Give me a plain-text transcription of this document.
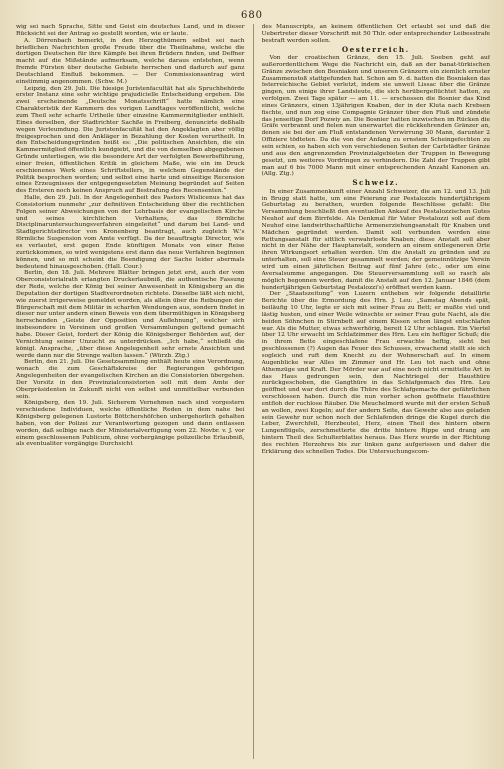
680
wig sei nach Sprache, Sitte und Geist ein deutsches Land, und in dieser Rücksicht sei der Antrag so gestellt worden, wie er laute.
A. Dörrenbach bemerkt, in den Herzogthümern selbst sei nach brieflichen Nachrichten große Freude über die Theilnahme, welche die dortigen Deutschen für ihre Kämpfe bei ihren Brüdern finden, und Deffner macht auf die Mißstände aufmerksam, welche daraus entstehen, wenn fremde Fürsten über deutsche Gebiete herrschen und dadurch auf ganz Deutschland Einfluß bekommen. — Der Commissionsantrag wird einstimmig angenommen. (Schw. M.)
Leipzig, den 29. Juli. Die hiesige Juristenfacultät hat als Spruchbehörde erster Instanz eine sehr wichtige prajudicielle Entscheidung ergehen. Die zwei erscheinende „Deutsche Monatsschrift“ hatte nämlich eine Charakteristik der Kammern des vorigen Landtages veröffentlicht, welche zum Theil sehr scharfe Urtheile über einzelne Kammermitglieder enthielt. Eines derselben, der Stadtrichter Sachße in Freiberg, denuncirte deßhalb wegen Verleumdung. Die Juristenfacultät hat den Angeklagten aber völlig freigesprochen und den Ankläger in Bezahlung der Kosten verurtheilt. In den Entscheidungsgründen heißt es: „Die politischen Ansichten, die ein Kammermitglied öffentlich kundgiebt, und die von demselben abgegebenen Gründe unterliegen, wie die besondere Art der verfolgten Bewerbsführung, einer freien, öffentlichen Kritik in gleichem Maße, wie ein im Druck erschienenes Werk eines Schriftstellers, in welchem Gegenstände der Politik besprochen worden; und selbst eine harte und einseitige Recension eines Erzeugnisses der entgegengesetzten Meinung begründet auf Seiten des Ersteren noch keinen Anspruch auf Bestrafung des Recensenten.“
Halle, den 29. Juli. In der Angelegenheit des Pastors Wislicenus hat das Consistorium nunmehr „zur definitiven Entscheidung über die rechtlichen Folgen seiner Abweichungen von der Lehrbasis der evangelischen Kirche und seines kirchlichen Verhaltens, das förmliche Disciplinaruntersuchungsverfahren eingeleitet“ und darum bei Land- und Stadtgerichtsdirector von Kronenberg beantragt, auch zugleich W.'s förmliche Suspension vom Amte verfügt. Da der beauftragte Director, wie es verlautet, erst gegen Ende künftigen Monats von einer Reise zurückkommen, so wird wenigstens erst dann das neue Verfahren beginnen können, und so mit scheint die Beendigung der Sache leider abermals bedeutend hinausgeschoben. (Hall. Cour.)
Berlin, den 18. Juli. Mehrere Blätter bringen jetzt erst, auch der vom Oberconsistorialrath erlangten Druckerlaubniß, die authentische Fassung der Rede, welche der König bei seiner Anwesenheit in Königsberg an die Deputation der dortigen Stadtverordneten richtete. Dieselbe läßt sich nicht, wie zuerst irrigerweise gemeldet worden, als allein über die Reibungen der Bürgerschaft mit dem Militär in scharfen Wendungen aus, sondern findet in dieser nur unter andern einen Beweis von dem übermüthigen in Königsberg herrschenden „Geiste der Opposition und Auflehnung“, welcher sich insbesondere in Vereinen und großen Versammlungen geltend gemacht habe. Dieser Geist, fordert der König die Königsberger Behörden auf, der Vernichtung seiner Unzucht zu unterdrücken. „Ich habe,“ schließt die königl. Ansprache, „über diese Angelegenheit sehr ernste Ansichten und werde dann nur die Strenge walten lassen.“ (Würzb. Ztg.)
Berlin, den 21. Juli. Die Gesetzsammlung enthält heute eine Verordnung, wonach die zum Geschäftskreise der Regierungen gehörigen Angelegenheiten der evangelischen Kirchen an die Consistorien übergehen. Der Vorsitz in den Provinzialconsistorien soll mit dem Amte der Oberpräsidenten in Zukunft nicht von selbst und unmittelbar verbunden sein.
Königsberg, den 19. Juli. Sicherem Vernehmen nach sind vorgestern verschiedene Individuen, welche öffentliche Reden in dem nahe bei Königsberg gelegenen Lustorte Böttchershöfchen unbergehorlich gehalten haben, von der Polizei zur Verantwortung gezogen und dann entlassen worden, daß selbige nach der Ministerialverfügung vom 22. Novbr. v. J. vor einem geschlossenen Publicum, ohne vorhergängige polizeiliche Erlaubniß, als eventualiter vorgängige Durchsicht
des Manuscripts, an keinem öffentlichen Ort erlaubt sei und daß die Uebertreter dieser Vorschrift mit 50 Thlr. oder entsprechender Leibesstrafe bestraft werden sollen.
Oesterreich.
Von der croatischen Gränze, den 15. Juli. Soeben geht auf außerordentlichem Wege die Nachricht ein, daß an der banat-türkischen Gränze zwischen den Bosniaken und unseren Gränzern ein ziemlich ernster Zusammenstoß stattgefunden hat. Schon am 9. d. hatten die Bosniaken das österreichische Gebiet verletzt, indem sie unweit Lissac über die Gränze gingen, um einige ihrer Landsleute, die sich herübergeflüchtet hatten, zu verfolgen. Zwei Tage später — am 11. — erschossen die Bosnier das Kind eines Gränzers, einen 13jährigen Knaben, der in der Kluta nach Krebsen fischte, und nun zog eine Compagnie Gränzer über den Fluß und zündete das jenseitige Dorf Pozwiy an. Die Bosnier hatten inzwischen im Rücken die Gräfe verbrannt und fielen nun unerwartet die rückkehrenden Gränzer an, denen sie bei der am Fluß entstandenen Verwirrung 30 Mann, darunter 2 Offiziere tödteten. Da die von der Anfang zu ernstem Scheingefechten zu sein schien, so haben sich von verschiedenen Seiten der Carlstädter Gränze und aus den angrenzenden Provinzialgebieten der Truppen in Bewegung gesetzt, um weiteres Vordringen zu verhindern. Die Zahl der Truppen gibt man auf 6 bis 7000 Mann mit einer entsprechenden Anzahl Kanonen an. (Allg. Ztg.)
Schweiz.
In einer Zusammenkunft einer Anzahl Schweizer, die am 12. und 13. Juli in Brugg statt hatte, um eine Feierung zur Pestalozzis hundertjährigem Geburtstag zu berathen, wurden folgende Beschlüsse gefaßt: Die Versammlung beschließt den eventuellen Ankauf des Pestalozzischen Gutes Neuhof auf dem Birrfelde. Als Denkmal für Vater Pestalozzi soll auf dem Neuhof eine landwirthschaftliche Armenerziehungsanstalt für Knaben und Mädchen gegründet werden. Damit soll verbunden werden eine Rettungsanstalt für sittlich verwahrloste Knaben; diese Anstalt soll aber nicht in der Nähe der Hauptanstalt, sondern an einem entlegeneren Orte ihren Wirkungsort erhalten werden. Um die Anstalt zu gründen und zu unterhalten, soll eine Steuer gesammelt werden; der gemeinnützige Verein wird um einen jährlichen Beitrag auf fünf Jahre (etc., oder um eine Aversalsumme angegangen. Die Steuerversammlung soll so rasch als möglich begonnen werden, damit die Anstalt auf den 12. Januar 1846 (dem hundertjährigen Geburtstag Pestalozzi's) eröffnet werden kann.
Der „Staatszeitung“ von Luzern entheben wir folgende detaillirte Berichte über die Ermordung des Hrn. J. Leu: „Samstag Abends spät, beiläufig 10 Uhr, legte er sich mit seiner Frau zu Bett; er mußte viel und lästig husten, und einer Weile wünschte er seiner Frau gute Nacht, als die beiden Söhnchen in Stirnbett auf einem Kissen schon längst entschlafen war. Als die Mutter, etwas schwerhörig, bereit 12 Uhr schlagen. Ein Viertel über 12 Uhr erwacht im Schlafzimmer des Hrn. Leu ein heftiger Schuß; die in ihrem Bette eingeschlafene Frau erwachte heftig, sieht bei geschlossenen (?) Augen das Feuer des Schusses, erwachend stellt sie sich sogleich und ruft dem Knecht zu der Wohnerschaft auf. In einem Augenblicke war Alles im Zimmer und Hr. Leu tot nach und ohne Athemzüge und Kraft. Der Mörder war auf eine noch nicht ermittelte Art in das Haus gedrungen sein, den Nachtriegel der Hausthüre zurückgeschoben, die Gangthüre in das Schlafgemach des Hrn. Leu geöffnet und war dort durch die Thüre des Schlafgemachs der gefährlichen verschlossen haben. Durch die nun vorher schon geöffnete Hausthüre entfloh der ruchlose Räuber. Die Meuchelmord wurde mit der ersten Schuß an wollen, zwei Kugeln; auf der andern Seite, das Gewehr also aus geladen sein Gewehr nur schon noch der Schlafenden dringe die Kugel durch die Leber, Zwerchfell, Herzbeutel, Herz, einen Theil des hintern obern Lungenflügels, zerschmetterte die dritte hintere Rippe und drang am hintern Theil des Schulterblattes heraus. Das Herz wurde in der Richtung des rechten Herzohres bis zur linken ganz aufgerissen und daher die Erklärung des schnellen Todes. Die Untersuchungscom-
